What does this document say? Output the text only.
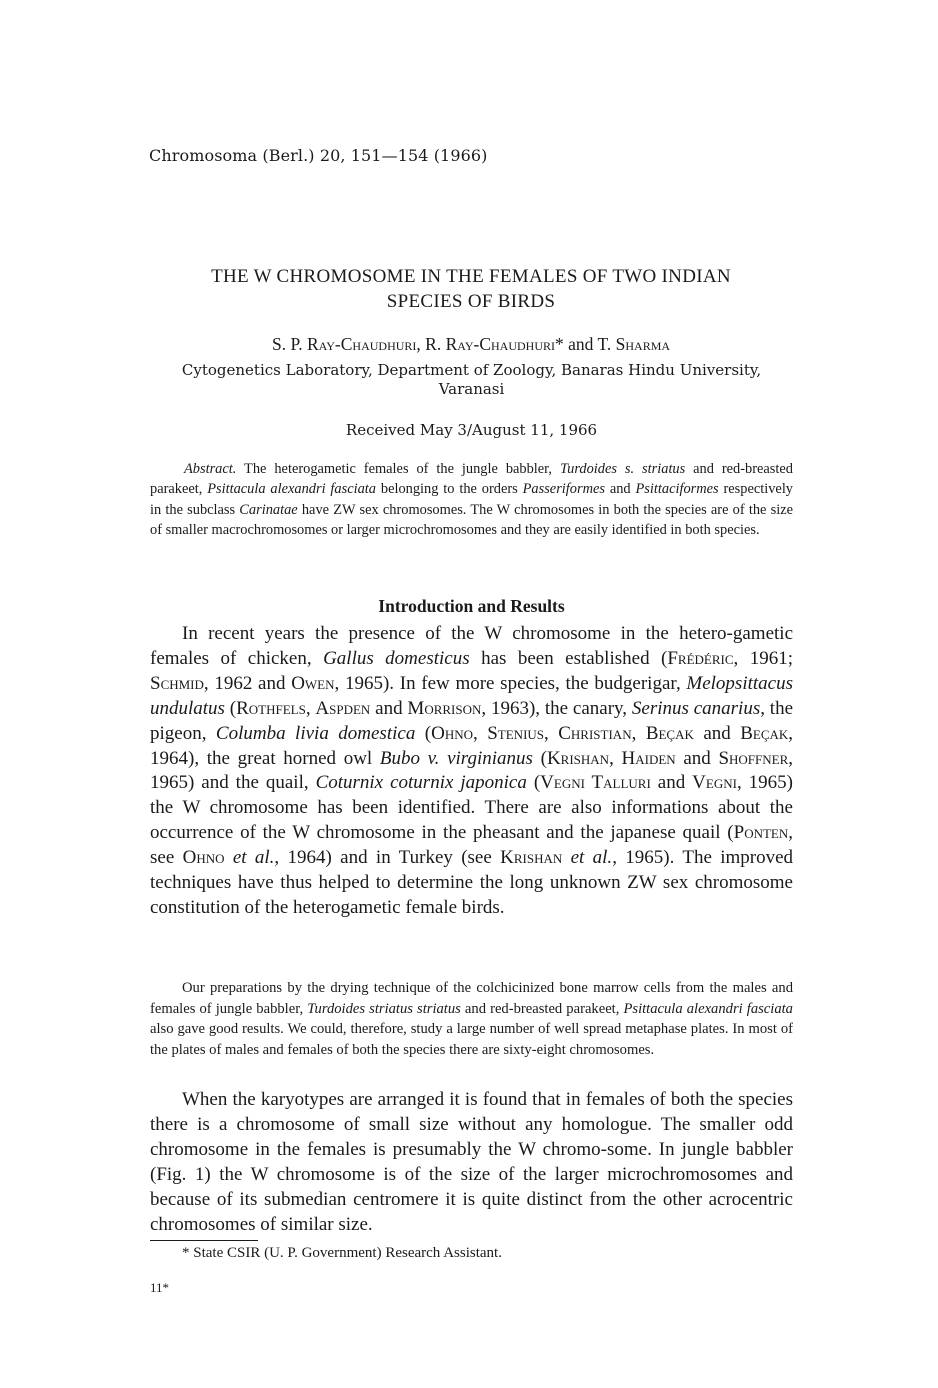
Chromosoma (Berl.) 20, 151—154 (1966)
THE W CHROMOSOME IN THE FEMALES OF TWO INDIAN
SPECIES OF BIRDS
S. P. Ray-Chaudhuri, R. Ray-Chaudhuri* and T. Sharma
Cytogenetics Laboratory, Department of Zoology, Banaras Hindu University,
Varanasi
Received May 3/August 11, 1966

Abstract. The heterogametic females of the jungle babbler, Turdoides s. striatus and red-breasted parakeet, Psittacula alexandri fasciata belonging to the orders Passeriformes and Psittaciformes respectively in the subclass Carinatae have ZW sex chromosomes. The W chromosomes in both the species are of the size of smaller macrochromosomes or larger microchromosomes and they are easily identified in both species.

Introduction and Results

In recent years the presence of the W chromosome in the hetero-gametic females of chicken, Gallus domesticus has been established (Frédéric, 1961; Schmid, 1962 and Owen, 1965). In few more species, the budgerigar, Melopsittacus undulatus (Rothfels, Aspden and Morrison, 1963), the canary, Serinus canarius, the pigeon, Columba livia domestica (Ohno, Stenius, Christian, Beçak and Beçak, 1964), the great horned owl Bubo v. virginianus (Krishan, Haiden and Shoffner, 1965) and the quail, Coturnix coturnix japonica (Vegni Talluri and Vegni, 1965) the W chromosome has been identified. There are also informations about the occurrence of the W chromosome in the pheasant and the japanese quail (Ponten, see Ohno et al., 1964) and in Turkey (see Krishan et al., 1965). The improved techniques have thus helped to determine the long unknown ZW sex chromosome constitution of the heterogametic female birds.

Our preparations by the drying technique of the colchicinized bone marrow cells from the males and females of jungle babbler, Turdoides striatus striatus and red-breasted parakeet, Psittacula alexandri fasciata also gave good results. We could, therefore, study a large number of well spread metaphase plates. In most of the plates of males and females of both the species there are sixty-eight chromosomes.

When the karyotypes are arranged it is found that in females of both the species there is a chromosome of small size without any homologue. The smaller odd chromosome in the females is presumably the W chromo-some. In jungle babbler (Fig. 1) the W chromosome is of the size of the larger microchromosomes and because of its submedian centromere it is quite distinct from the other acrocentric chromosomes of similar size.

* State CSIR (U. P. Government) Research Assistant.
11*
